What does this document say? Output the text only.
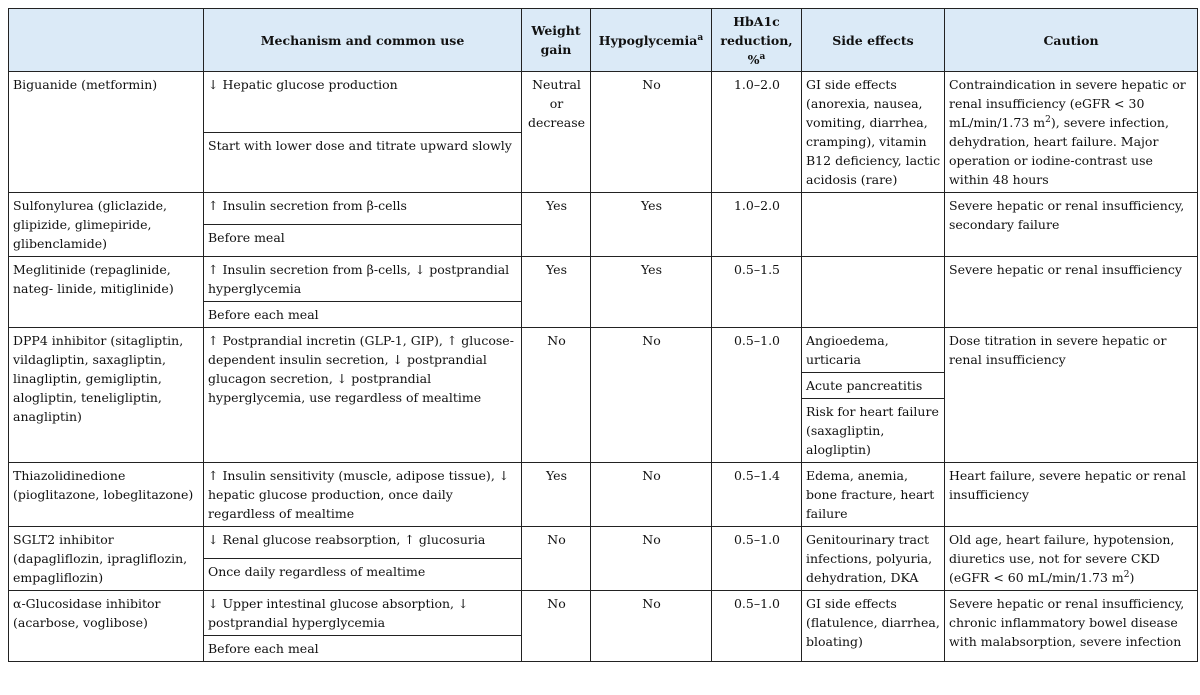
	Mechanism and common use	Weight gain	Hypoglycemia$^a$	HbA1c reduction, %$^a$	Side effects	Caution
Biguanide (metformin)	↓ Hepatic glucose production	Neutral or decrease	No	1.0–2.0	GI side effects (anorexia, nausea, vomiting, diarrhea, cramping), vitamin B12 deficiency, lactic acidosis (rare)	Contraindication in severe hepatic or renal insufficiency (eGFR < 30 mL/min/1.73 $m^2$), severe infection, dehydration, heart failure. Major operation or iodine-contrast use within 48 hours
	Start with lower dose and titrate upward slowly					
Sulfonylurea (gliclazide, glipizide, glimepiride, glibenclamide)	↑ Insulin secretion from β-cells	Yes	Yes	1.0–2.0		Severe hepatic or renal insufficiency, secondary failure
	Before meal					
Meglitinide (repaglinide, nateg- linide, mitiglinide)	↑ Insulin secretion from β-cells, ↓ postprandial hyperglycemia	Yes	Yes	0.5–1.5		Severe hepatic or renal insufficiency
	Before each meal					
DPP4 inhibitor (sitagliptin, vildagliptin, saxagliptin, linagliptin, gemigliptin, alogliptin, teneligliptin, anagliptin)	↑ Postprandial incretin (GLP-1, GIP), ↑ glucose-dependent insulin secretion, ↓ postprandial glucagon secretion, ↓ postprandial hyperglycemia, use regardless of mealtime	No	No	0.5–1.0	Angioedema, urticaria	Dose titration in severe hepatic or renal insufficiency
					Acute pancreatitis	
					Risk for heart failure (saxagliptin, alogliptin)	
Thiazolidinedione (pioglitazone, lobeglitazone)	↑ Insulin sensitivity (muscle, adipose tissue), ↓ hepatic glucose production, once daily regardless of mealtime	Yes	No	0.5–1.4	Edema, anemia, bone fracture, heart failure	Heart failure, severe hepatic or renal insufficiency
SGLT2 inhibitor (dapagliflozin, ipragliflozin, empagliflozin)	↓ Renal glucose reabsorption, ↑ glucosuria	No	No	0.5–1.0	Genitourinary tract infections, polyuria, dehydration, DKA	Old age, heart failure, hypotension, diuretics use, not for severe CKD (eGFR < 60 mL/min/1.73 $m^2$)
	Once daily regardless of mealtime					
α-Glucosidase inhibitor (acarbose, voglibose)	↓ Upper intestinal glucose absorption, ↓ postprandial hyperglycemia	No	No	0.5–1.0	GI side effects (flatulence, diarrhea, bloating)	Severe hepatic or renal insufficiency, chronic inflammatory bowel disease with malabsorption, severe infection
	Before each meal					
